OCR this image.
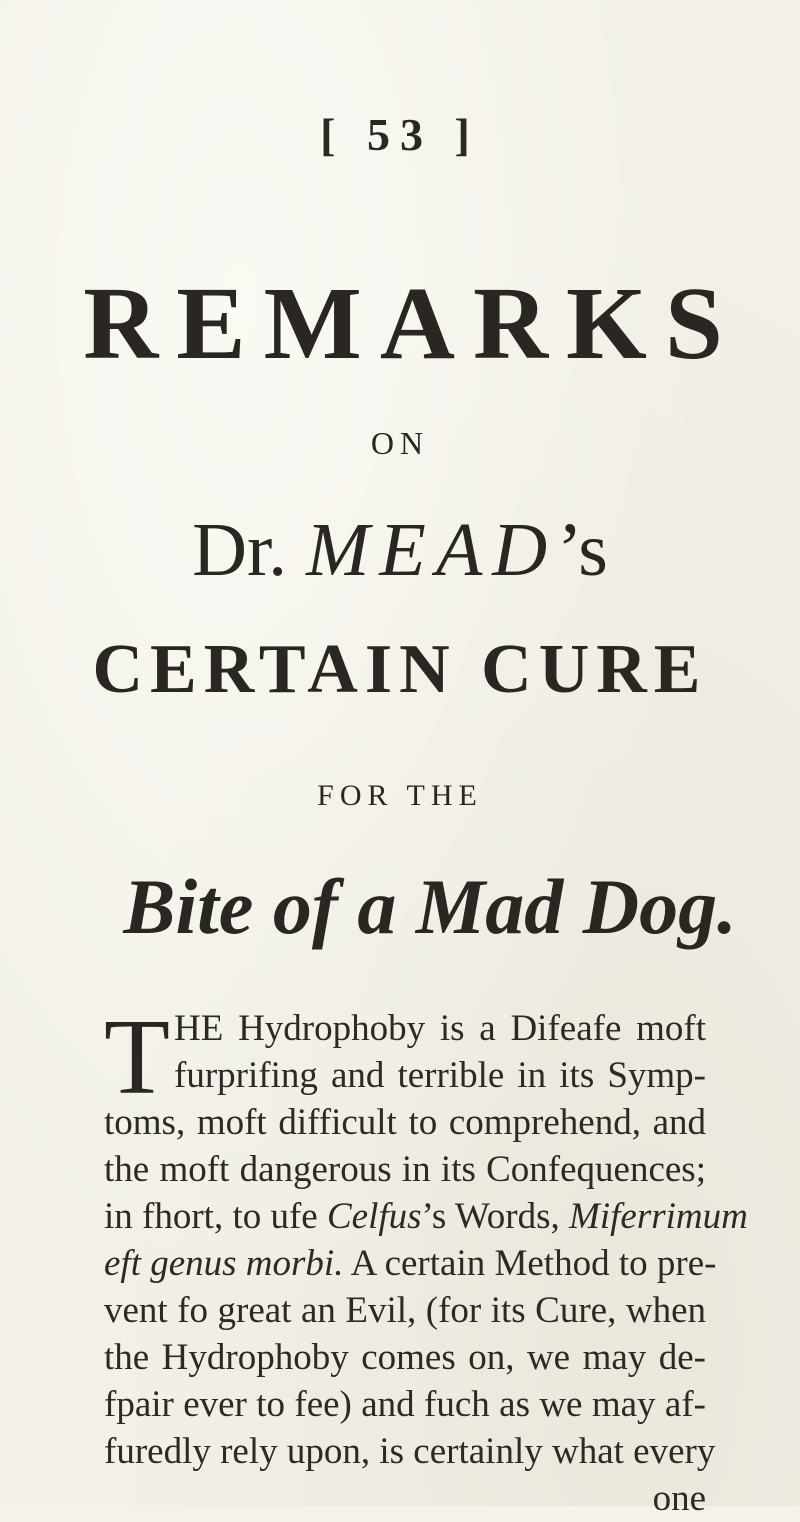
[ 53 ]
REMARKS
ON
Dr. MEAD’s
CERTAIN CURE
FOR THE
Bite of a Mad Dog.
T HE Hydrophoby is a Difeafe moft
furprifing and terrible in its Symp-
toms, moft difficult to comprehend, and
the moft dangerous in its Confequences;
in fhort, to ufe Celfus’s Words, Miferrimum
eft genus morbi. A certain Method to pre-
vent fo great an Evil, (for its Cure, when
the Hydrophoby comes on, we may de-
fpair ever to fee) and fuch as we may af-
furedly rely upon, is certainly what every
one
